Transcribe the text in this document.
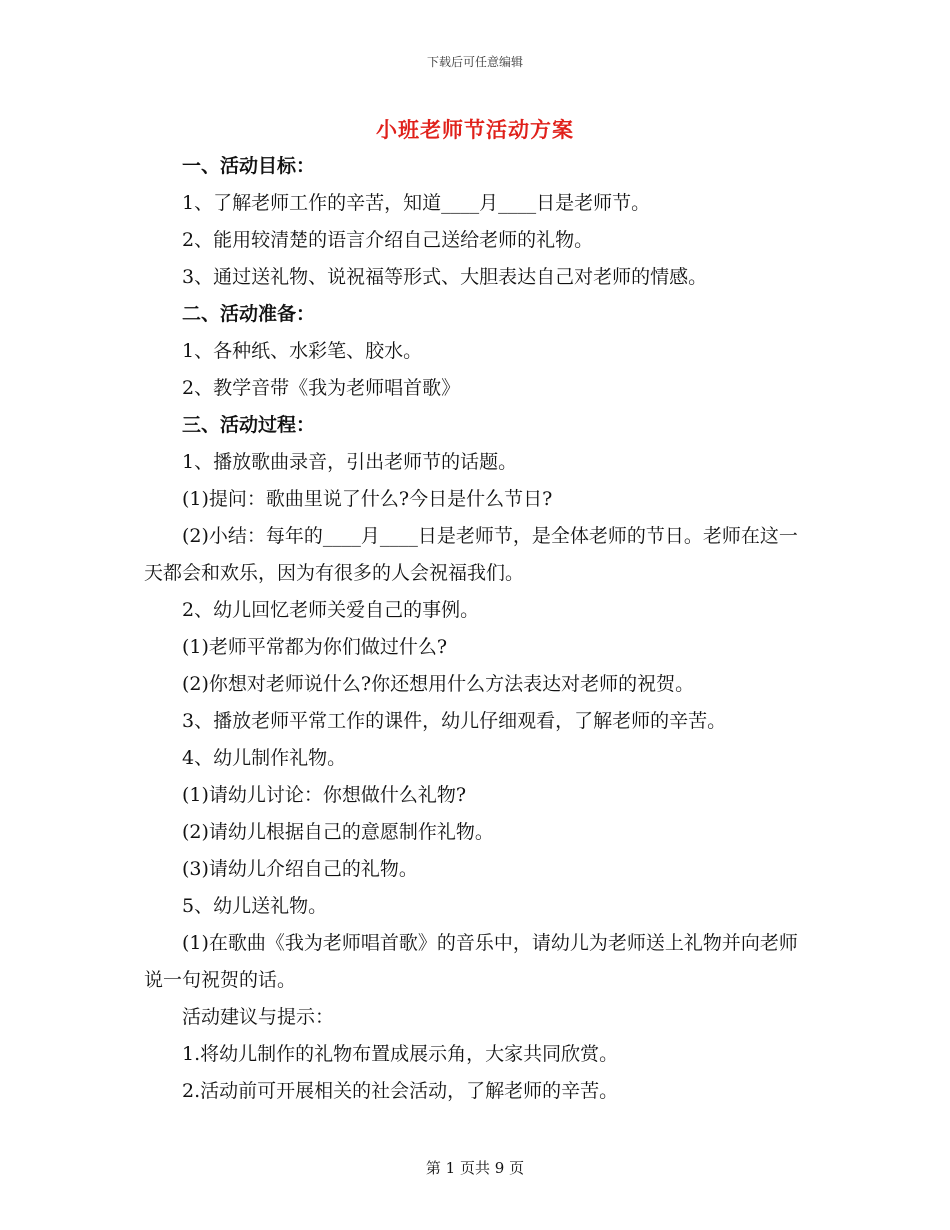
下载后可任意编辑
小班老师节活动方案

一、活动目标：

1、了解老师工作的辛苦，知道____月____日是老师节。

2、能用较清楚的语言介绍自己送给老师的礼物。

3、通过送礼物、说祝福等形式、大胆表达自己对老师的情感。

二、活动准备：

1、各种纸、水彩笔、胶水。

2、教学音带《我为老师唱首歌》

三、活动过程：

1、播放歌曲录音，引出老师节的话题。

(1)提问：歌曲里说了什么?今日是什么节日?

(2)小结：每年的____月____日是老师节，是全体老师的节日。老师在这一天都会和欢乐，因为有很多的人会祝福我们。

2、幼儿回忆老师关爱自己的事例。

(1)老师平常都为你们做过什么?

(2)你想对老师说什么?你还想用什么方法表达对老师的祝贺。

3、播放老师平常工作的课件，幼儿仔细观看，了解老师的辛苦。

4、幼儿制作礼物。

(1)请幼儿讨论：你想做什么礼物?

(2)请幼儿根据自己的意愿制作礼物。

(3)请幼儿介绍自己的礼物。

5、幼儿送礼物。

(1)在歌曲《我为老师唱首歌》的音乐中，请幼儿为老师送上礼物并向老师说一句祝贺的话。

活动建议与提示：

1.将幼儿制作的礼物布置成展示角，大家共同欣赏。

2.活动前可开展相关的社会活动，了解老师的辛苦。

第 1 页共 9 页
